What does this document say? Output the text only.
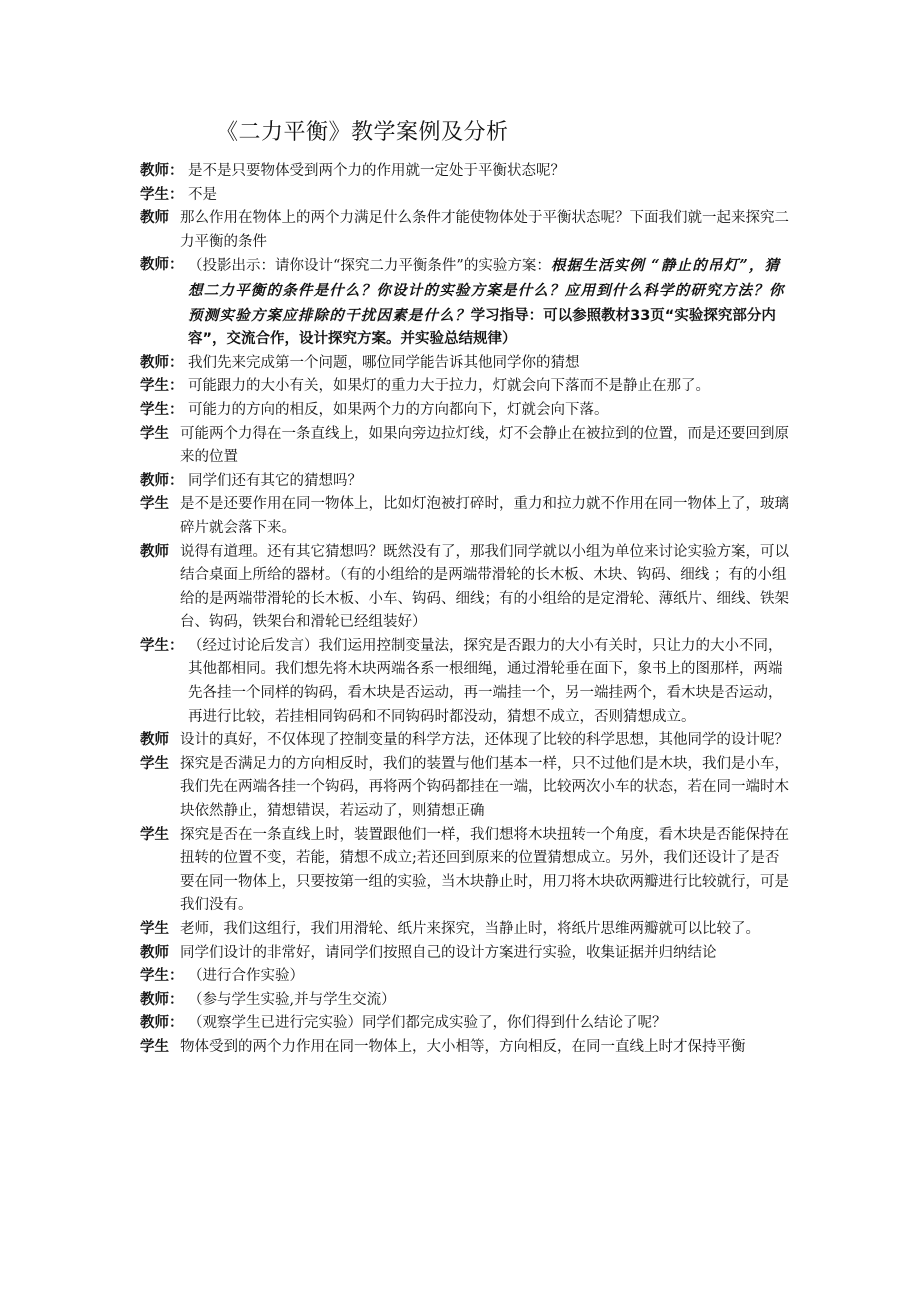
《二力平衡》教学案例及分析

教师： 是不是只要物体受到两个力的作用就一定处于平衡状态呢？

学生： 不是

教师 那么作用在物体上的两个力满足什么条件才能使物体处于平衡状态呢？下面我们就一起来探究二力平衡的条件

教师： （投影出示：请你设计“探究二力平衡条件”的实验方案：根据生活实例 “静止的吊灯”，猜想二力平衡的条件是什么？你设计的实验方案是什么？应用到什么科学的研究方法？你预测实验方案应排除的干扰因素是什么？学习指导：可以参照教材33页“实验探究部分内容”，交流合作，设计探究方案。并实验总结规律）

教师： 我们先来完成第一个问题，哪位同学能告诉其他同学你的猜想

学生： 可能跟力的大小有关，如果灯的重力大于拉力，灯就会向下落而不是静止在那了。

学生： 可能力的方向的相反，如果两个力的方向都向下，灯就会向下落。

学生 可能两个力得在一条直线上，如果向旁边拉灯线，灯不会静止在被拉到的位置，而是还要回到原来的位置

教师： 同学们还有其它的猜想吗？

学生 是不是还要作用在同一物体上，比如灯泡被打碎时，重力和拉力就不作用在同一物体上了，玻璃碎片就会落下来。

教师 说得有道理。还有其它猜想吗？既然没有了，那我们同学就以小组为单位来讨论实验方案，可以结合桌面上所给的器材。（有的小组给的是两端带滑轮的长木板、木块、钩码、细线 ；有的小组给的是两端带滑轮的长木板、小车、钩码、细线；有的小组给的是定滑轮、薄纸片、细线、铁架台、钩码，铁架台和滑轮已经组装好）

学生： （经过讨论后发言）我们运用控制变量法，探究是否跟力的大小有关时，只让力的大小不同，其他都相同。我们想先将木块两端各系一根细绳，通过滑轮垂在面下，象书上的图那样，两端先各挂一个同样的钩码，看木块是否运动，再一端挂一个，另一端挂两个，看木块是否运动，再进行比较，若挂相同钩码和不同钩码时都没动，猜想不成立，否则猜想成立。

教师 设计的真好，不仅体现了控制变量的科学方法，还体现了比较的科学思想，其他同学的设计呢？

学生 探究是否满足力的方向相反时，我们的装置与他们基本一样，只不过他们是木块，我们是小车，我们先在两端各挂一个钩码，再将两个钩码都挂在一端，比较两次小车的状态，若在同一端时木块依然静止，猜想错误，若运动了，则猜想正确

学生 探究是否在一条直线上时，装置跟他们一样，我们想将木块扭转一个角度，看木块是否能保持在扭转的位置不变，若能，猜想不成立;若还回到原来的位置猜想成立。另外，我们还设计了是否要在同一物体上，只要按第一组的实验，当木块静止时，用刀将木块砍两瓣进行比较就行，可是我们没有。

学生 老师，我们这组行，我们用滑轮、纸片来探究，当静止时，将纸片思维两瓣就可以比较了。

教师 同学们设计的非常好，请同学们按照自己的设计方案进行实验，收集证据并归纳结论

学生： （进行合作实验）

教师： （参与学生实验,并与学生交流）

教师： （观察学生已进行完实验）同学们都完成实验了，你们得到什么结论了呢？

学生 物体受到的两个力作用在同一物体上，大小相等，方向相反，在同一直线上时才保持平衡
